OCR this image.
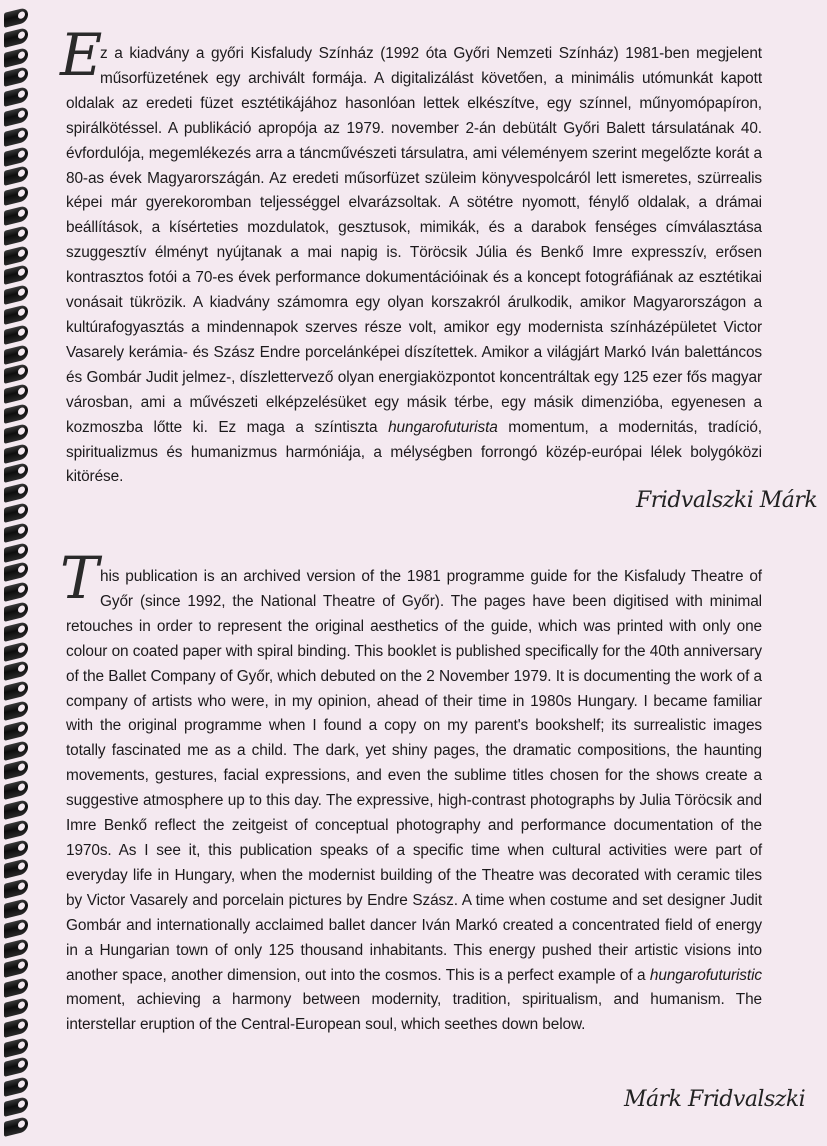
E
z a kiadvány a győri Kisfaludy Színház (1992 óta Győri Nemzeti Színház) 1981-ben megjelent műsorfüzetének egy archivált formája. A digitalizálást követően, a minimális utómunkát kapott oldalak az eredeti füzet esztétikájához hasonlóan lettek elkészítve, egy színnel, műnyomópapíron, spirálkötéssel. A publikáció apropója az 1979. november 2-án debütált Győri Balett társulatának 40. évfordulója, megemlékezés arra a táncművészeti társulatra, ami véleményem szerint megelőzte korát a 80-as évek Magyarországán. Az eredeti műsorfüzet szüleim könyvespolcáról lett ismeretes, szürrealis képei már gyerekoromban teljességgel elvarázsoltak. A sötétre nyomott, fénylő oldalak, a drámai beállítások, a kísérteties mozdulatok, gesztusok, mimikák, és a darabok fenséges címválasztása szuggesztív élményt nyújtanak a mai napig is. Töröcsik Júlia és Benkő Imre expresszív, erősen kontrasztos fotói a 70-es évek performance dokumentációinak és a koncept fotográfiának az esztétikai vonásait tükrözik. A kiadvány számomra egy olyan korszakról árulkodik, amikor Magyarországon a kultúrafogyasztás a mindennapok szerves része volt, amikor egy modernista színházépületet Victor Vasarely kerámia- és Szász Endre porcelánképei díszítettek. Amikor a világjárt Markó Iván balettáncos és Gombár Judit jelmez-, díszlettervező olyan energiaközpontot koncentráltak egy 125 ezer fős magyar városban, ami a művészeti elképzelésüket egy másik térbe, egy másik dimenzióba, egyenesen a kozmoszba lőtte ki. Ez maga a színtiszta hungarofuturista momentum, a modernitás, tradíció, spiritualizmus és humanizmus harmóniája, a mélységben forrongó közép-európai lélek bolygóközi kitörése.

Fridvalszki Márk

This publication is an archived version of the 1981 programme guide for the Kisfaludy Theatre of Győr (since 1992, the National Theatre of Győr). The pages have been digitised with minimal retouches in order to represent the original aesthetics of the guide, which was printed with only one colour on coated paper with spiral binding. This booklet is published specifically for the 40th anniversary of the Ballet Company of Győr, which debuted on the 2 November 1979. It is documenting the work of a company of artists who were, in my opinion, ahead of their time in 1980s Hungary. I became familiar with the original programme when I found a copy on my parent's bookshelf; its surrealistic images totally fascinated me as a child. The dark, yet shiny pages, the dramatic compositions, the haunting movements, gestures, facial expressions, and even the sublime titles chosen for the shows create a suggestive atmosphere up to this day. The expressive, high-contrast photographs by Julia Töröcsik and Imre Benkő reflect the zeitgeist of conceptual photography and performance documentation of the 1970s. As I see it, this publication speaks of a specific time when cultural activities were part of everyday life in Hungary, when the modernist building of the Theatre was decorated with ceramic tiles by Victor Vasarely and porcelain pictures by Endre Szász. A time when costume and set designer Judit Gombár and internationally acclaimed ballet dancer Iván Markó created a concentrated field of energy in a Hungarian town of only 125 thousand inhabitants. This energy pushed their artistic visions into another space, another dimension, out into the cosmos. This is a perfect example of a hungarofuturistic moment, achieving a harmony between modernity, tradition, spiritualism, and humanism. The interstellar eruption of the Central-European soul, which seethes down below.

Márk Fridvalszki
